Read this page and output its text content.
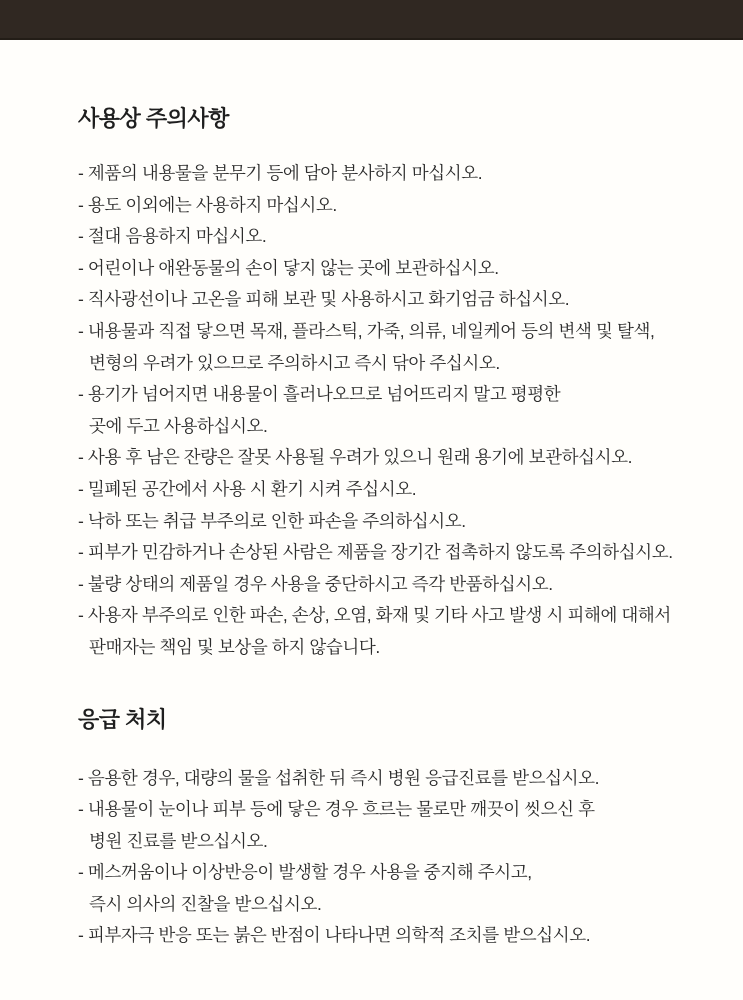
사용상 주의사항
- 제품의 내용물을 분무기 등에 담아 분사하지 마십시오.
- 용도 이외에는 사용하지 마십시오.
- 절대 음용하지 마십시오.
- 어린이나 애완동물의 손이 닿지 않는 곳에 보관하십시오.
- 직사광선이나 고온을 피해 보관 및 사용하시고 화기엄금 하십시오.
- 내용물과 직접 닿으면 목재, 플라스틱, 가죽, 의류, 네일케어 등의 변색 및 탈색,
변형의 우려가 있으므로 주의하시고 즉시 닦아 주십시오.
- 용기가 넘어지면 내용물이 흘러나오므로 넘어뜨리지 말고 평평한
곳에 두고 사용하십시오.
- 사용 후 남은 잔량은 잘못 사용될 우려가 있으니 원래 용기에 보관하십시오.
- 밀폐된 공간에서 사용 시 환기 시켜 주십시오.
- 낙하 또는 취급 부주의로 인한 파손을 주의하십시오.
- 피부가 민감하거나 손상된 사람은 제품을 장기간 접촉하지 않도록 주의하십시오.
- 불량 상태의 제품일 경우 사용을 중단하시고 즉각 반품하십시오.
- 사용자 부주의로 인한 파손, 손상, 오염, 화재 및 기타 사고 발생 시 피해에 대해서
판매자는 책임 및 보상을 하지 않습니다.
응급 처치
- 음용한 경우, 대량의 물을 섭취한 뒤 즉시 병원 응급진료를 받으십시오.
- 내용물이 눈이나 피부 등에 닿은 경우 흐르는 물로만 깨끗이 씻으신 후
병원 진료를 받으십시오.
- 메스꺼움이나 이상반응이 발생할 경우 사용을 중지해 주시고,
즉시 의사의 진찰을 받으십시오.
- 피부자극 반응 또는 붉은 반점이 나타나면 의학적 조치를 받으십시오.
